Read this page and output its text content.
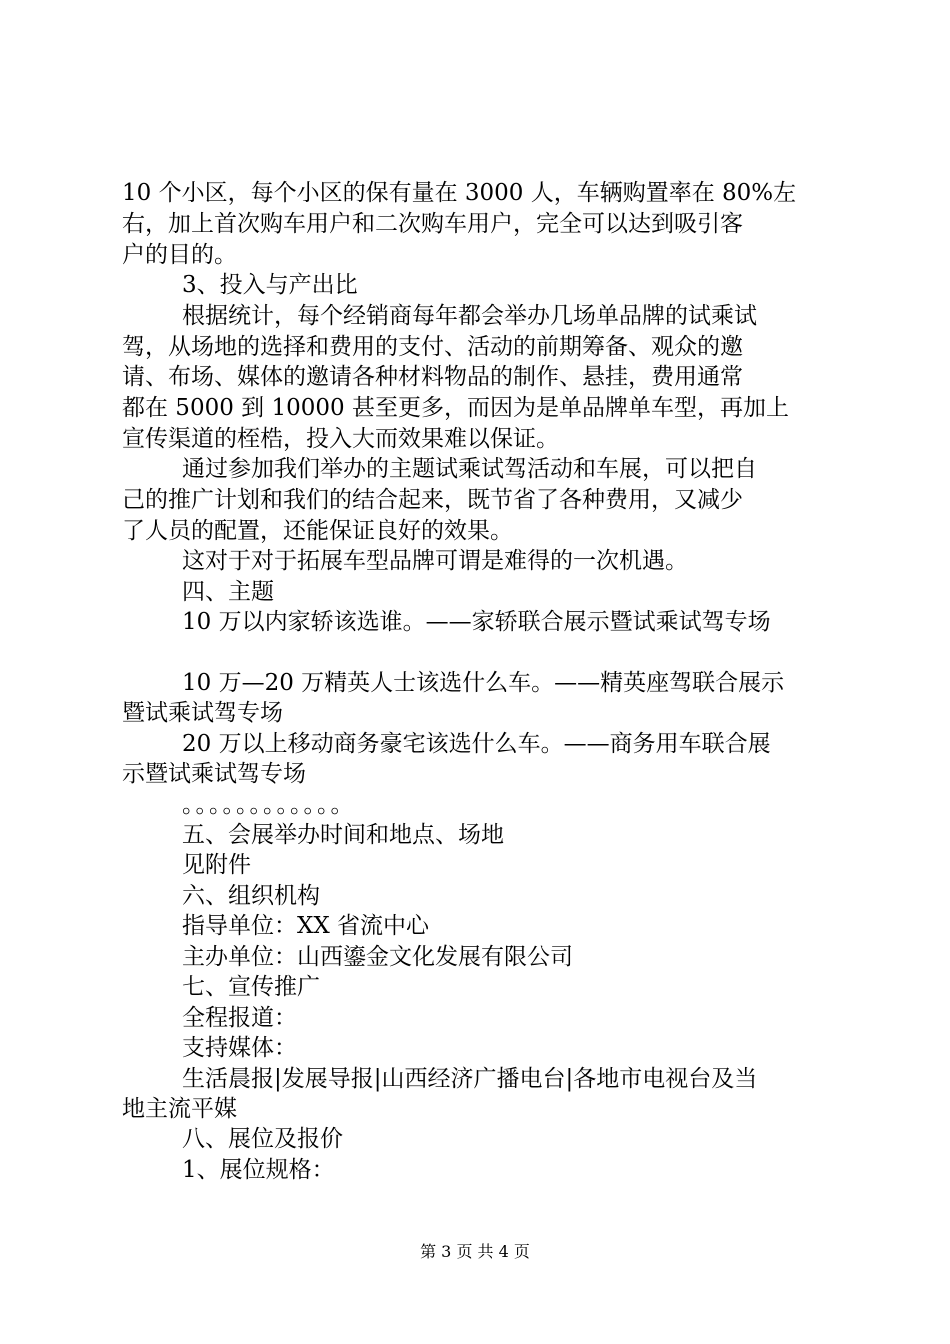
10 个小区，每个小区的保有量在 3000 人，车辆购置率在 80%左
右，加上首次购车用户和二次购车用户，完全可以达到吸引客
户的目的。
3、投入与产出比
根据统计，每个经销商每年都会举办几场单品牌的试乘试
驾，从场地的选择和费用的支付、活动的前期筹备、观众的邀
请、布场、媒体的邀请各种材料物品的制作、悬挂，费用通常
都在 5000 到 10000 甚至更多，而因为是单品牌单车型，再加上
宣传渠道的桎梏，投入大而效果难以保证。
通过参加我们举办的主题试乘试驾活动和车展，可以把自
己的推广计划和我们的结合起来，既节省了各种费用，又减少
了人员的配置，还能保证良好的效果。
这对于对于拓展车型品牌可谓是难得的一次机遇。
四、主题
10 万以内家轿该选谁。——家轿联合展示暨试乘试驾专场
10 万—20 万精英人士该选什么车。——精英座驾联合展示
暨试乘试驾专场
20 万以上移动商务豪宅该选什么车。——商务用车联合展
示暨试乘试驾专场
。。。。。。。。。。。。
五、会展举办时间和地点、场地
见附件
六、组织机构
指导单位：XX 省流中心
主办单位：山西鎏金文化发展有限公司
七、宣传推广
全程报道：
支持媒体：
生活晨报|发展导报|山西经济广播电台|各地市电视台及当
地主流平媒
八、展位及报价
1、展位规格：
第 3 页 共 4 页
